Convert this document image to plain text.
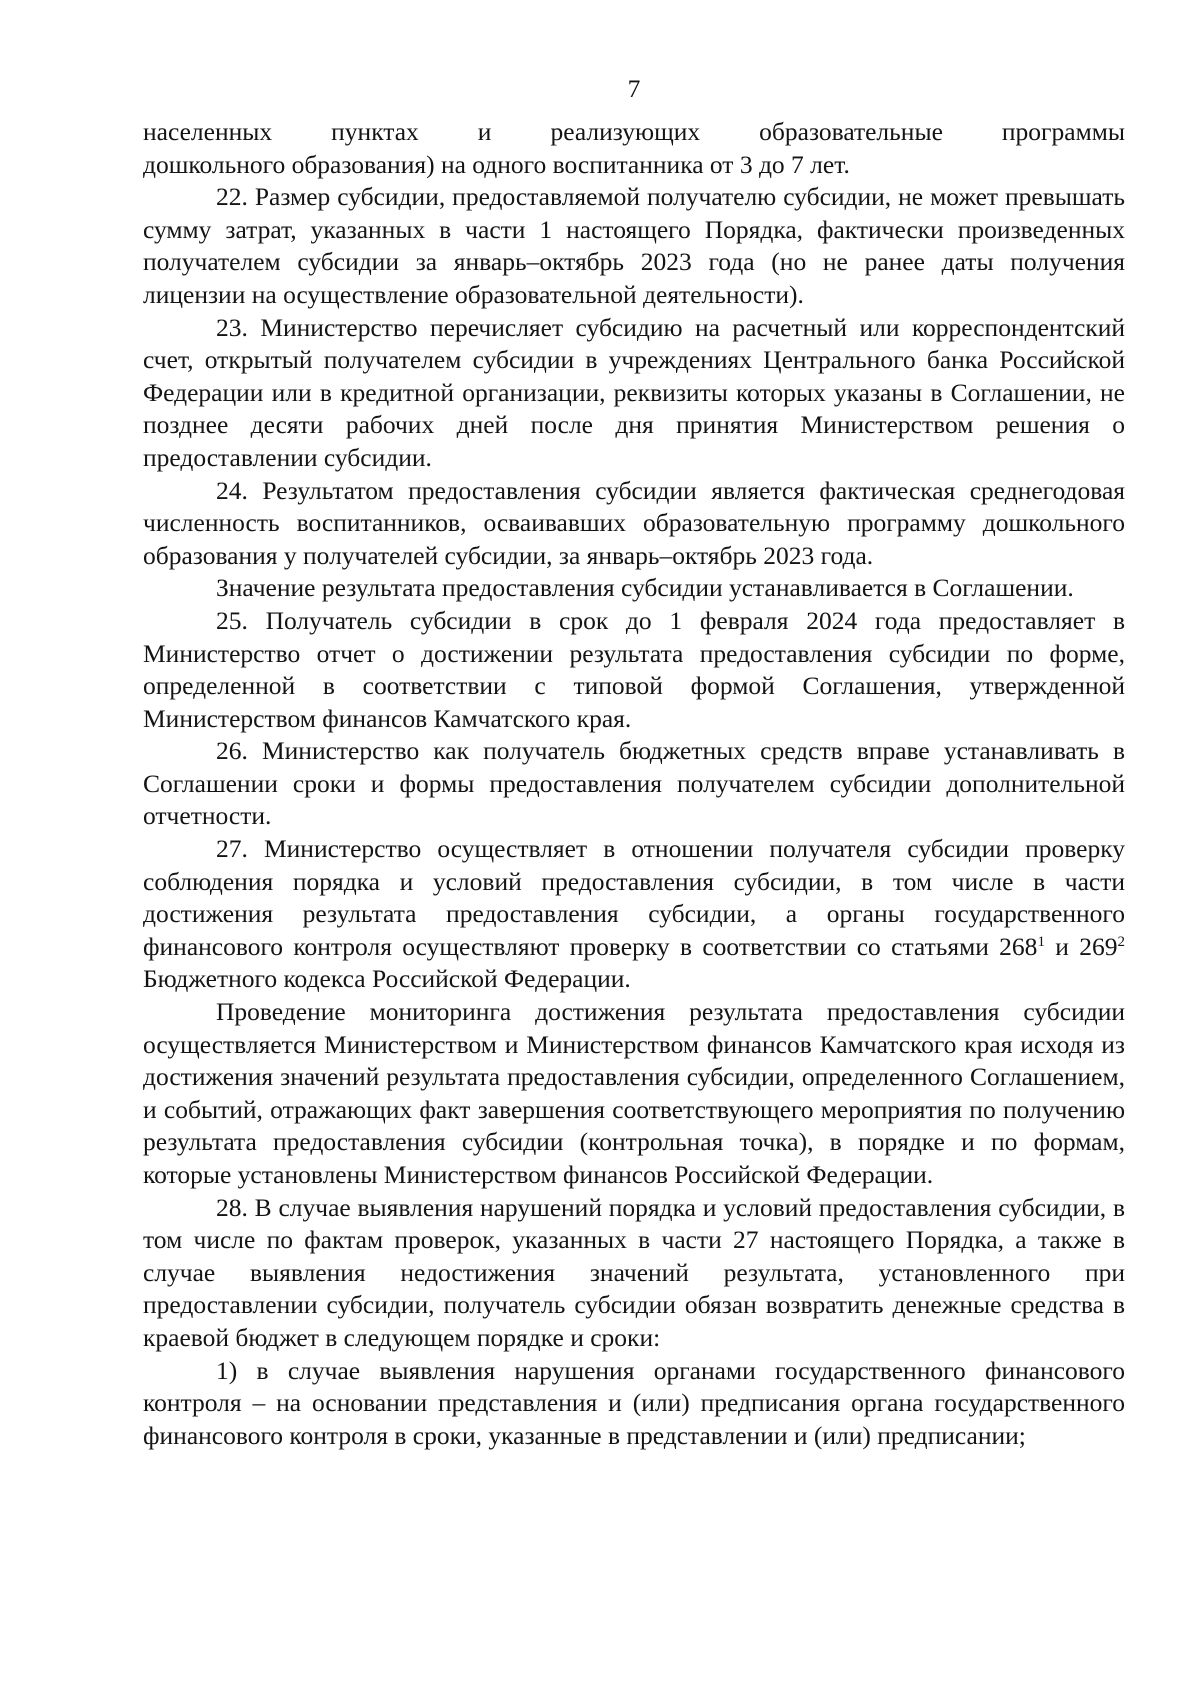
7

населенных пунктах и реализующих образовательные программы
дошкольного образования) на одного воспитанника от 3 до 7 лет.

22. Размер субсидии, предоставляемой получателю субсидии, не может превышать сумму затрат, указанных в части 1 настоящего Порядка, фактически произведенных получателем субсидии за январь–октябрь 2023 года (но не ранее даты получения лицензии на осуществление образовательной деятельности).

23. Министерство перечисляет субсидию на расчетный или корреспондентский счет, открытый получателем субсидии в учреждениях Центрального банка Российской Федерации или в кредитной организации, реквизиты которых указаны в Соглашении, не позднее десяти рабочих дней после дня принятия Министерством решения о предоставлении субсидии.

24. Результатом предоставления субсидии является фактическая среднегодовая численность воспитанников, осваивавших образовательную программу дошкольного образования у получателей субсидии, за январь–октябрь 2023 года.

Значение результата предоставления субсидии устанавливается в Соглашении.

25. Получатель субсидии в срок до 1 февраля 2024 года предоставляет в Министерство отчет о достижении результата предоставления субсидии по форме, определенной в соответствии с типовой формой Соглашения, утвержденной Министерством финансов Камчатского края.

26. Министерство как получатель бюджетных средств вправе устанавливать в Соглашении сроки и формы предоставления получателем субсидии дополнительной отчетности.

27. Министерство осуществляет в отношении получателя субсидии проверку соблюдения порядка и условий предоставления субсидии, в том числе в части достижения результата предоставления субсидии, а органы государственного финансового контроля осуществляют проверку в соответствии со статьями $268^1$ и $269^2$ Бюджетного кодекса Российской Федерации.

Проведение мониторинга достижения результата предоставления субсидии осуществляется Министерством и Министерством финансов Камчатского края исходя из достижения значений результата предоставления субсидии, определенного Соглашением, и событий, отражающих факт завершения соответствующего мероприятия по получению результата предоставления субсидии (контрольная точка), в порядке и по формам, которые установлены Министерством финансов Российской Федерации.

28. В случае выявления нарушений порядка и условий предоставления субсидии, в том числе по фактам проверок, указанных в части 27 настоящего Порядка, а также в случае выявления недостижения значений результата, установленного при предоставлении субсидии, получатель субсидии обязан возвратить денежные средства в краевой бюджет в следующем порядке и сроки:

1) в случае выявления нарушения органами государственного финансового контроля – на основании представления и (или) предписания органа государственного финансового контроля в сроки, указанные в представлении и (или) предписании;
